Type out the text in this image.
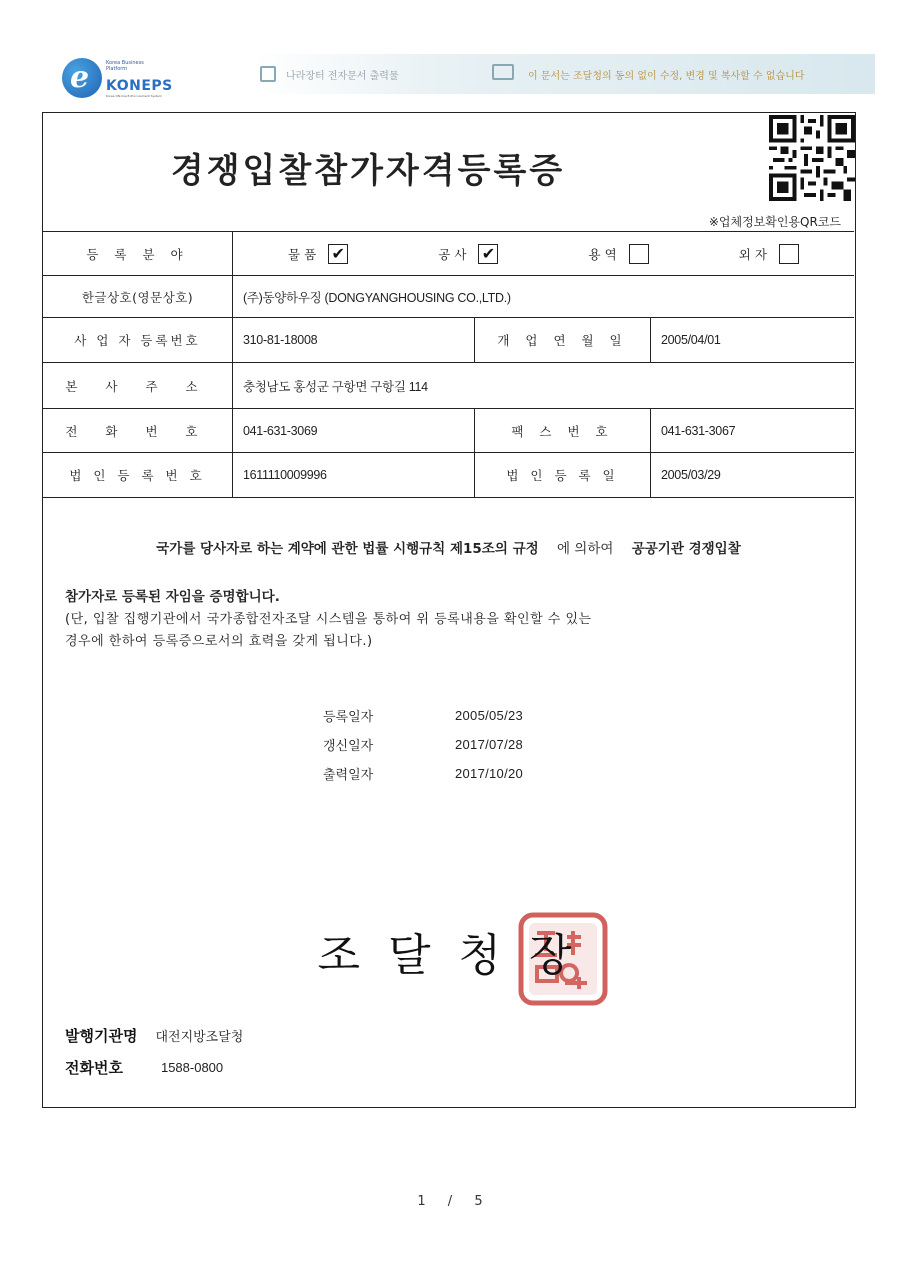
e	Korea Business Platform
KONEPS
Korea ON-line E-Procurement System
나라장터 전자문서 출력물	이 문서는 조달청의 동의 없이 수정, 변경 및 복사할 수 없습니다
경쟁입찰참가자격등록증
※업체정보확인용QR코드
등 록 분 야	물품 ✔	공사 ✔	용역	외자
한글상호(영문상호)	(주)동양하우징 (DONGYANGHOUSING CO.,LTD.)
사 업 자 등록번호	310-81-18008	개 업 연 월 일	2005/04/01
본 사 주 소	충청남도 홍성군 구항면 구항길 114
전 화 번 호	041-631-3069	팩 스 번 호	041-631-3067
법 인 등 록 번 호	1611110009996	법 인 등 록 일	2005/03/29
국가를 당사자로 하는 계약에 관한 법률 시행규칙 제15조의 규정 에 의하여 공공기관 경쟁입찰
참가자로 등록된 자임을 증명합니다.
(단, 입찰 집행기관에서 국가종합전자조달 시스템을 통하여 위 등록내용을 확인할 수 있는
경우에 한하여 등록증으로서의 효력을 갖게 됩니다.)
등록일자	2005/05/23
갱신일자	2017/07/28
출력일자	2017/10/20
조달청장
발행기관명 대전지방조달청
전화번호	1588-0800
1 / 5
